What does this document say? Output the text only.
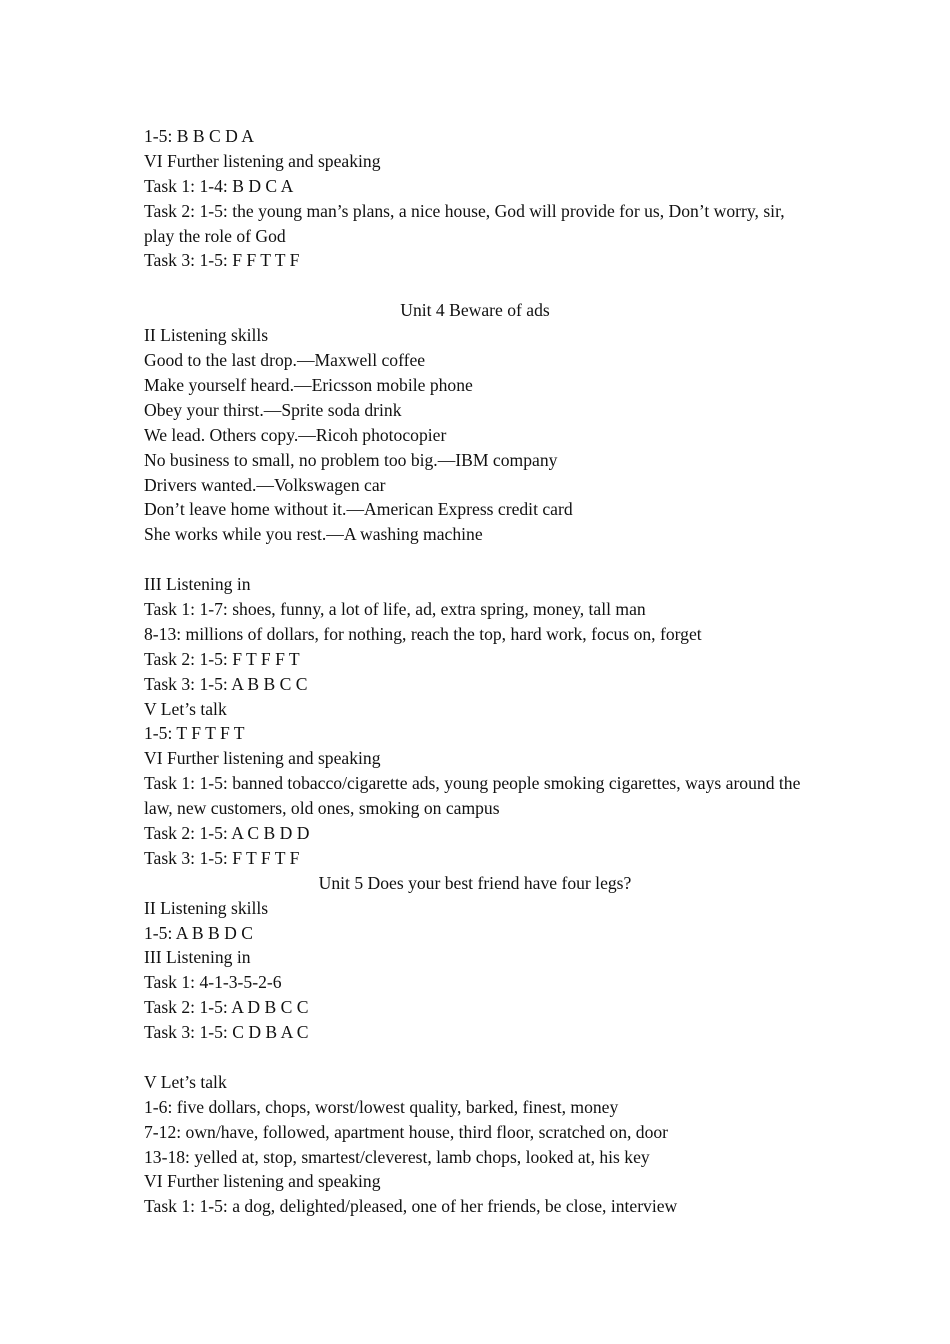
1-5: B B C D A
VI Further listening and speaking
Task 1: 1-4: B D C A
Task 2: 1-5: the young man’s plans, a nice house, God will provide for us, Don’t worry, sir, play the role of God
Task 3: 1-5: F F T T F
Unit 4 Beware of ads
II Listening skills
Good to the last drop.—Maxwell coffee
Make yourself heard.—Ericsson mobile phone
Obey your thirst.—Sprite soda drink
We lead. Others copy.—Ricoh photocopier
No business to small, no problem too big.—IBM company
Drivers wanted.—Volkswagen car
Don’t leave home without it.—American Express credit card
She works while you rest.—A washing machine
III Listening in
Task 1: 1-7: shoes, funny, a lot of life, ad, extra spring, money, tall man
8-13: millions of dollars, for nothing, reach the top, hard work, focus on, forget
Task 2: 1-5: F T F F T
Task 3: 1-5: A B B C C
V Let’s talk
1-5: T F T F T
VI Further listening and speaking
Task 1: 1-5: banned tobacco/cigarette ads, young people smoking cigarettes, ways around the law, new customers, old ones, smoking on campus
Task 2: 1-5: A C B D D
Task 3: 1-5: F T F T F
Unit 5 Does your best friend have four legs?
II Listening skills
1-5: A B B D C
III Listening in
Task 1: 4-1-3-5-2-6
Task 2: 1-5: A D B C C
Task 3: 1-5: C D B A C
V Let’s talk
1-6: five dollars, chops, worst/lowest quality, barked, finest, money
7-12: own/have, followed, apartment house, third floor, scratched on, door
13-18: yelled at, stop, smartest/cleverest, lamb chops, looked at, his key
VI Further listening and speaking
Task 1: 1-5: a dog, delighted/pleased, one of her friends, be close, interview
